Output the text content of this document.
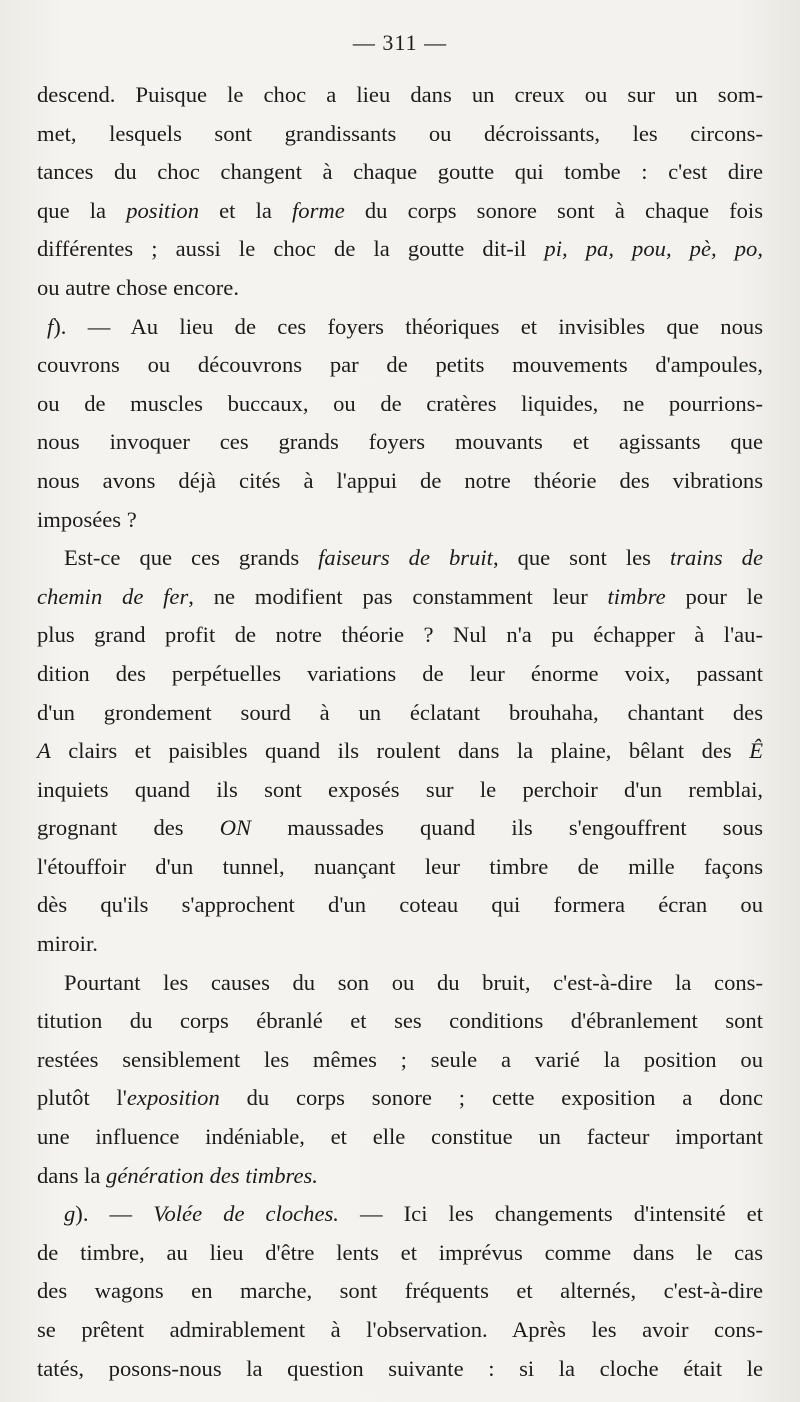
— 311 —
descend. Puisque le choc a lieu dans un creux ou sur un som-
met, lesquels sont grandissants ou décroissants, les circons-
tances du choc changent à chaque goutte qui tombe : c'est dire
que la position et la forme du corps sonore sont à chaque fois
différentes ; aussi le choc de la goutte dit-il pi, pa, pou, pè, po,
ou autre chose encore.
f). — Au lieu de ces foyers théoriques et invisibles que nous
couvrons ou découvrons par de petits mouvements d'ampoules,
ou de muscles buccaux, ou de cratères liquides, ne pourrions-
nous invoquer ces grands foyers mouvants et agissants que
nous avons déjà cités à l'appui de notre théorie des vibrations
imposées ?
Est-ce que ces grands faiseurs de bruit, que sont les trains de
chemin de fer, ne modifient pas constamment leur timbre pour le
plus grand profit de notre théorie ? Nul n'a pu échapper à l'au-
dition des perpétuelles variations de leur énorme voix, passant
d'un grondement sourd à un éclatant brouhaha, chantant des
A clairs et paisibles quand ils roulent dans la plaine, bêlant des Ê
inquiets quand ils sont exposés sur le perchoir d'un remblai,
grognant des ON maussades quand ils s'engouffrent sous
l'étouffoir d'un tunnel, nuançant leur timbre de mille façons
dès qu'ils s'approchent d'un coteau qui formera écran ou
miroir.
Pourtant les causes du son ou du bruit, c'est-à-dire la cons-
titution du corps ébranlé et ses conditions d'ébranlement sont
restées sensiblement les mêmes ; seule a varié la position ou
plutôt l'exposition du corps sonore ; cette exposition a donc
une influence indéniable, et elle constitue un facteur important
dans la génération des timbres.
g). — Volée de cloches. — Ici les changements d'intensité et
de timbre, au lieu d'être lents et imprévus comme dans le cas
des wagons en marche, sont fréquents et alternés, c'est-à-dire
se prêtent admirablement à l'observation. Après les avoir cons-
tatés, posons-nous la question suivante : si la cloche était le
